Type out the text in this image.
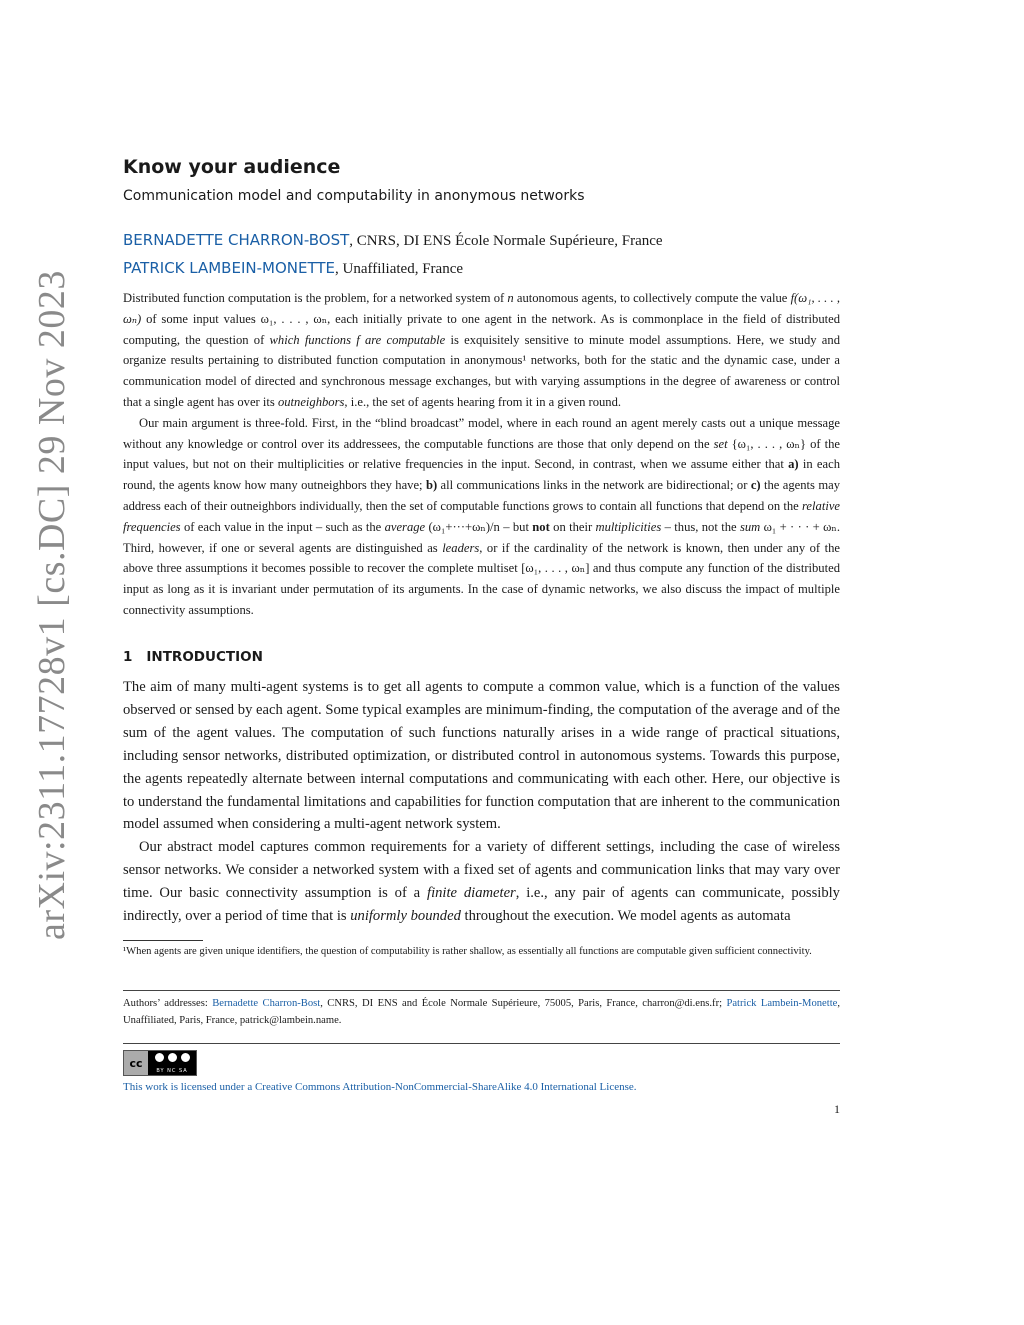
arXiv:2311.17728v1 [cs.DC] 29 Nov 2023
Know your audience
Communication model and computability in anonymous networks
BERNADETTE CHARRON-BOST, CNRS, DI ENS École Normale Supérieure, France
PATRICK LAMBEIN-MONETTE, Unaffiliated, France

Distributed function computation is the problem, for a networked system of n autonomous agents, to collectively compute the value f(ω₁, . . . , ωₙ) of some input values ω₁, . . . , ωₙ, each initially private to one agent in the network. As is commonplace in the field of distributed computing, the question of which functions f are computable is exquisitely sensitive to minute model assumptions. Here, we study and organize results pertaining to distributed function computation in anonymous¹ networks, both for the static and the dynamic case, under a communication model of directed and synchronous message exchanges, but with varying assumptions in the degree of awareness or control that a single agent has over its outneighbors, i.e., the set of agents hearing from it in a given round.

Our main argument is three-fold. First, in the “blind broadcast” model, where in each round an agent merely casts out a unique message without any knowledge or control over its addressees, the computable functions are those that only depend on the set {ω₁, . . . , ωₙ} of the input values, but not on their multiplicities or relative frequencies in the input. Second, in contrast, when we assume either that a) in each round, the agents know how many outneighbors they have; b) all communications links in the network are bidirectional; or c) the agents may address each of their outneighbors individually, then the set of computable functions grows to contain all functions that depend on the relative frequencies of each value in the input – such as the average (ω₁+···+ωₙ)/n – but not on their multiplicities – thus, not the sum ω₁ + · · · + ωₙ. Third, however, if one or several agents are distinguished as leaders, or if the cardinality of the network is known, then under any of the above three assumptions it becomes possible to recover the complete multiset [ω₁, . . . , ωₙ] and thus compute any function of the distributed input as long as it is invariant under permutation of its arguments. In the case of dynamic networks, we also discuss the impact of multiple connectivity assumptions.

1 INTRODUCTION

The aim of many multi-agent systems is to get all agents to compute a common value, which is a function of the values observed or sensed by each agent. Some typical examples are minimum-finding, the computation of the average and of the sum of the agent values. The computation of such functions naturally arises in a wide range of practical situations, including sensor networks, distributed optimization, or distributed control in autonomous systems. Towards this purpose, the agents repeatedly alternate between internal computations and communicating with each other. Here, our objective is to understand the fundamental limitations and capabilities for function computation that are inherent to the communication model assumed when considering a multi-agent network system.

Our abstract model captures common requirements for a variety of different settings, including the case of wireless sensor networks. We consider a networked system with a fixed set of agents and communication links that may vary over time. Our basic connectivity assumption is of a finite diameter, i.e., any pair of agents can communicate, possibly indirectly, over a period of time that is uniformly bounded throughout the execution. We model agents as automata

¹When agents are given unique identifiers, the question of computability is rather shallow, as essentially all functions are computable given sufficient connectivity.
Authors’ addresses: Bernadette Charron-Bost, CNRS, DI ENS and École Normale Supérieure, 75005, Paris, France, charron@di.ens.fr; Patrick Lambein-Monette, Unaffiliated, Paris, France, patrick@lambein.name.
cc
BY NC SA
This work is licensed under a Creative Commons Attribution-NonCommercial-ShareAlike 4.0 International License.
1
